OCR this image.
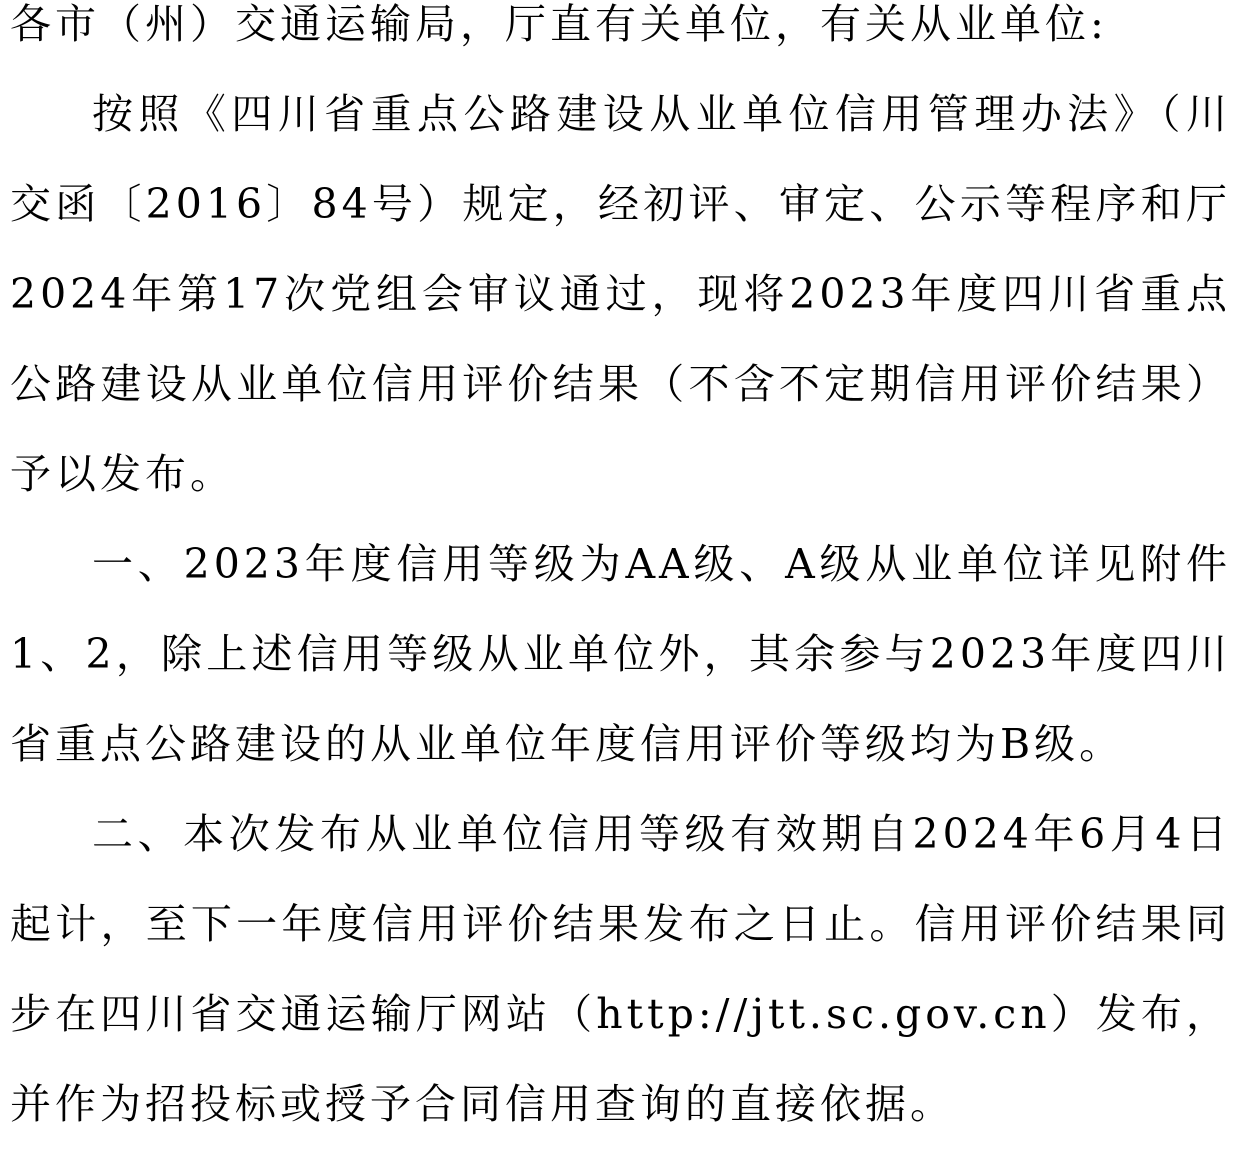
各市（州）交通运输局，厅直有关单位，有关从业单位:

按照《四川省重点公路建设从业单位信用管理办法》（川交函〔2016〕84号）规定，经初评、审定、公示等程序和厅2024年第17次党组会审议通过，现将2023年度四川省重点公路建设从业单位信用评价结果（不含不定期信用评价结果）予以发布。

一、2023年度信用等级为AA级、A级从业单位详见附件1、2，除上述信用等级从业单位外，其余参与2023年度四川省重点公路建设的从业单位年度信用评价等级均为B级。

二、本次发布从业单位信用等级有效期自2024年6月4日起计，至下一年度信用评价结果发布之日止。信用评价结果同步在四川省交通运输厅网站（http://jtt.sc.gov.cn）发布，并作为招投标或授予合同信用查询的直接依据。
